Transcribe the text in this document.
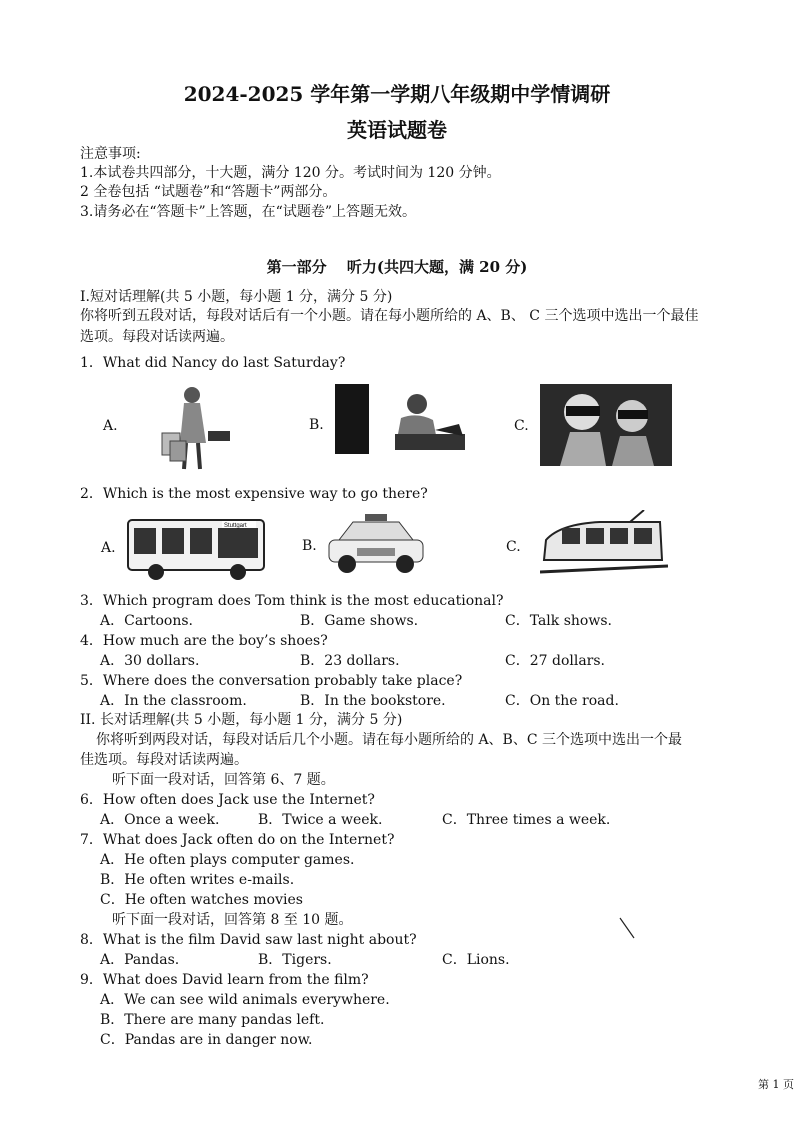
2024-2025 学年第一学期八年级期中学情调研
英语试题卷
注意事项:
1.本试卷共四部分，十大题，满分 120 分。考试时间为 120 分钟。
2 全卷包括 “试题卷”和“答题卡”两部分。
3.请务必在“答题卡”上答题，在“试题卷”上答题无效。
第一部分　 听力(共四大题，满 20 分)
I.短对话理解(共 5 小题，每小题 1 分，满分 5 分)
你将听到五段对话，每段对话后有一个小题。请在每小题所给的 A、B、 C 三个选项中选出一个最佳
选项。每段对话读两遍。
1．What did Nancy do last Saturday?
A.	B.	C.
2．Which is the most expensive way to go there?
A.	B.	C.
Stuttgart
3．Which program does Tom think is the most educational?
A．Cartoons.	B．Game shows.	C．Talk shows.
4．How much are the boy’s shoes?
A．30 dollars.	B．23 dollars.	C．27 dollars.
5．Where does the conversation probably take place?
A．In the classroom.	B．In the bookstore.	C．On the road.
II. 长对话理解(共 5 小题，每小题 1 分，满分 5 分)
你将听到两段对话，每段对话后几个小题。请在每小题所给的 A、B、C 三个选项中选出一个最
佳选项。每段对话读两遍。
听下面一段对话，回答第 6、7 题。
6．How often does Jack use the Internet?
A．Once a week.	B．Twice a week.	C．Three times a week.
7．What does Jack often do on the Internet?
A．He often plays computer games.
B．He often writes e-mails.
C．He often watches movies
听下面一段对话，回答第 8 至 10 题。
8．What is the film David saw last night about?
A．Pandas.	B．Tigers.	C．Lions.
9．What does David learn from the film?
A．We can see wild animals everywhere.
B．There are many pandas left.
C．Pandas are in danger now.
第 1 页
